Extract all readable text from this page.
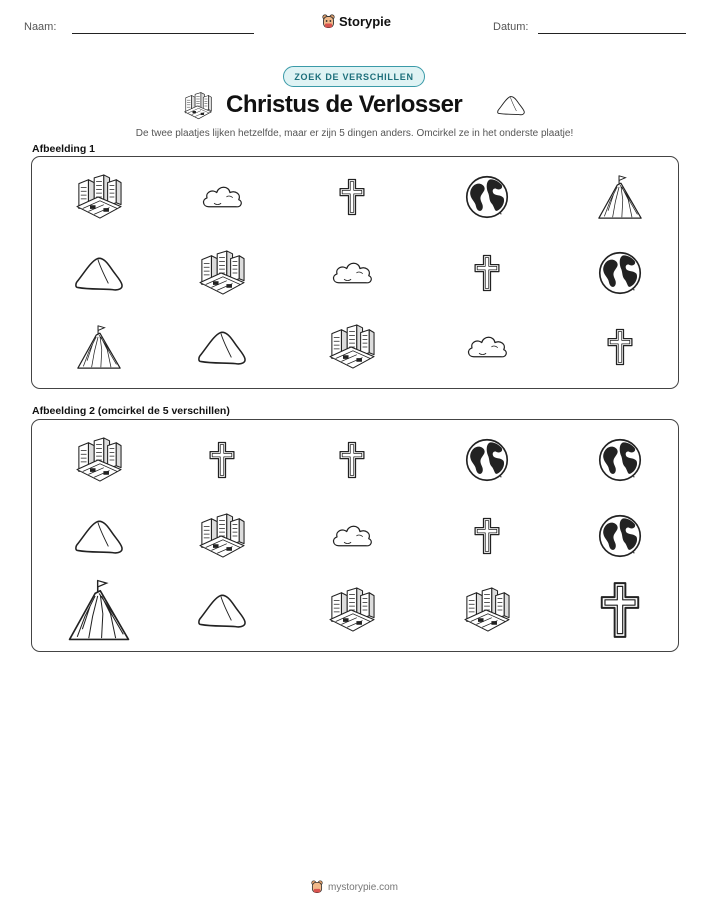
Naam:	Storypie	Datum:
ZOEK DE VERSCHILLEN
Christus de Verlosser
De twee plaatjes lijken hetzelfde, maar er zijn 5 dingen anders. Omcirkel ze in het onderste plaatje!
Afbeelding 1
Afbeelding 2 (omcirkel de 5 verschillen)
mystorypie.com
